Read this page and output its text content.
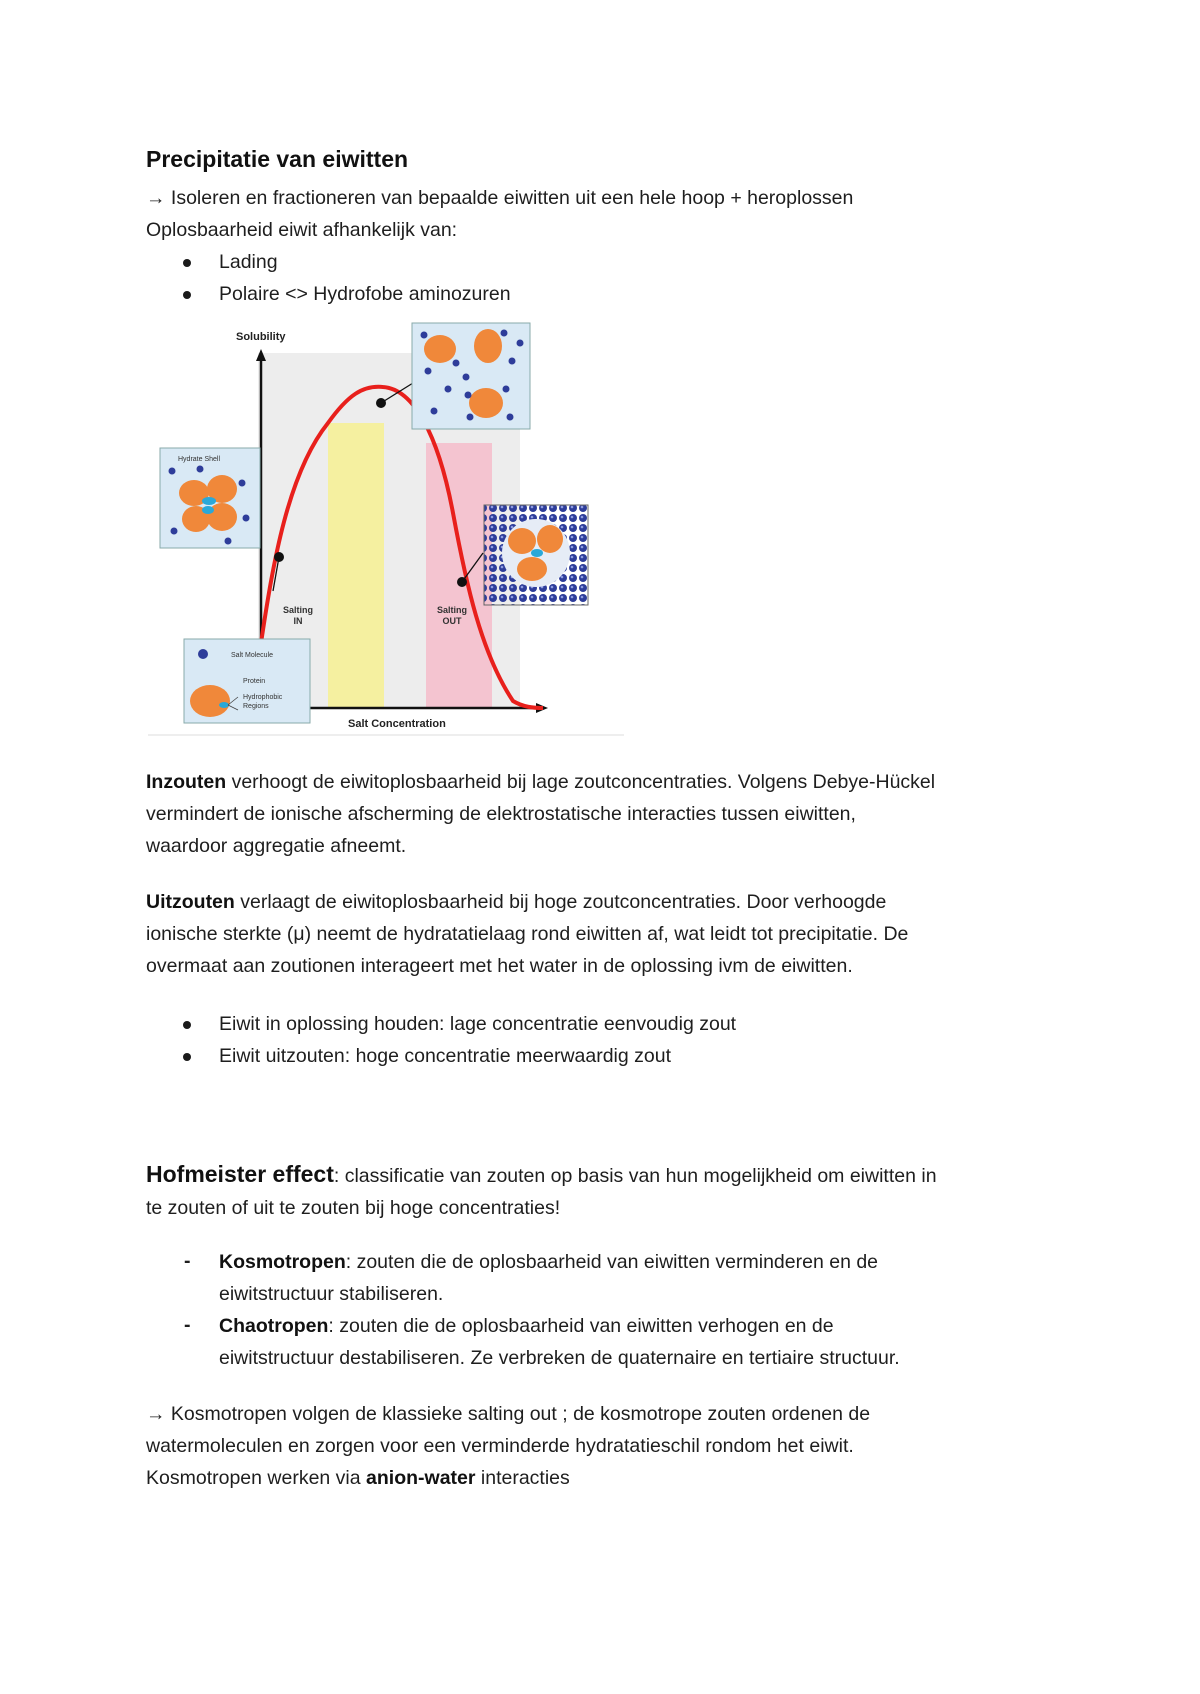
Precipitatie van eiwitten
→ Isoleren en fractioneren van bepaalde eiwitten uit een hele hoop + heroplossen
Oplosbaarheid eiwit afhankelijk van:
Lading
Polaire <> Hydrofobe aminozuren
Solubility
Salt Concentration
Salting
IN
Salting
OUT
Hydrate Shell
Salt Molecule
Protein
Hydrophobic
Regions
Inzouten verhoogt de eiwitoplosbaarheid bij lage zoutconcentraties. Volgens Debye-Hückel
vermindert de ionische afscherming de elektrostatische interacties tussen eiwitten,
waardoor aggregatie afneemt.
Uitzouten verlaagt de eiwitoplosbaarheid bij hoge zoutconcentraties. Door verhoogde
ionische sterkte (μ) neemt de hydratatielaag rond eiwitten af, wat leidt tot precipitatie. De
overmaat aan zoutionen interageert met het water in de oplossing ivm de eiwitten.
Eiwit in oplossing houden: lage concentratie eenvoudig zout
Eiwit uitzouten: hoge concentratie meerwaardig zout
Hofmeister effect: classificatie van zouten op basis van hun mogelijkheid om eiwitten in
te zouten of uit te zouten bij hoge concentraties!
- Kosmotropen: zouten die de oplosbaarheid van eiwitten verminderen en de
eiwitstructuur stabiliseren.
- Chaotropen: zouten die de oplosbaarheid van eiwitten verhogen en de
eiwitstructuur destabiliseren. Ze verbreken de quaternaire en tertiaire structuur.
→ Kosmotropen volgen de klassieke salting out ; de kosmotrope zouten ordenen de
watermoleculen en zorgen voor een verminderde hydratatieschil rondom het eiwit.
Kosmotropen werken via anion-water interacties
